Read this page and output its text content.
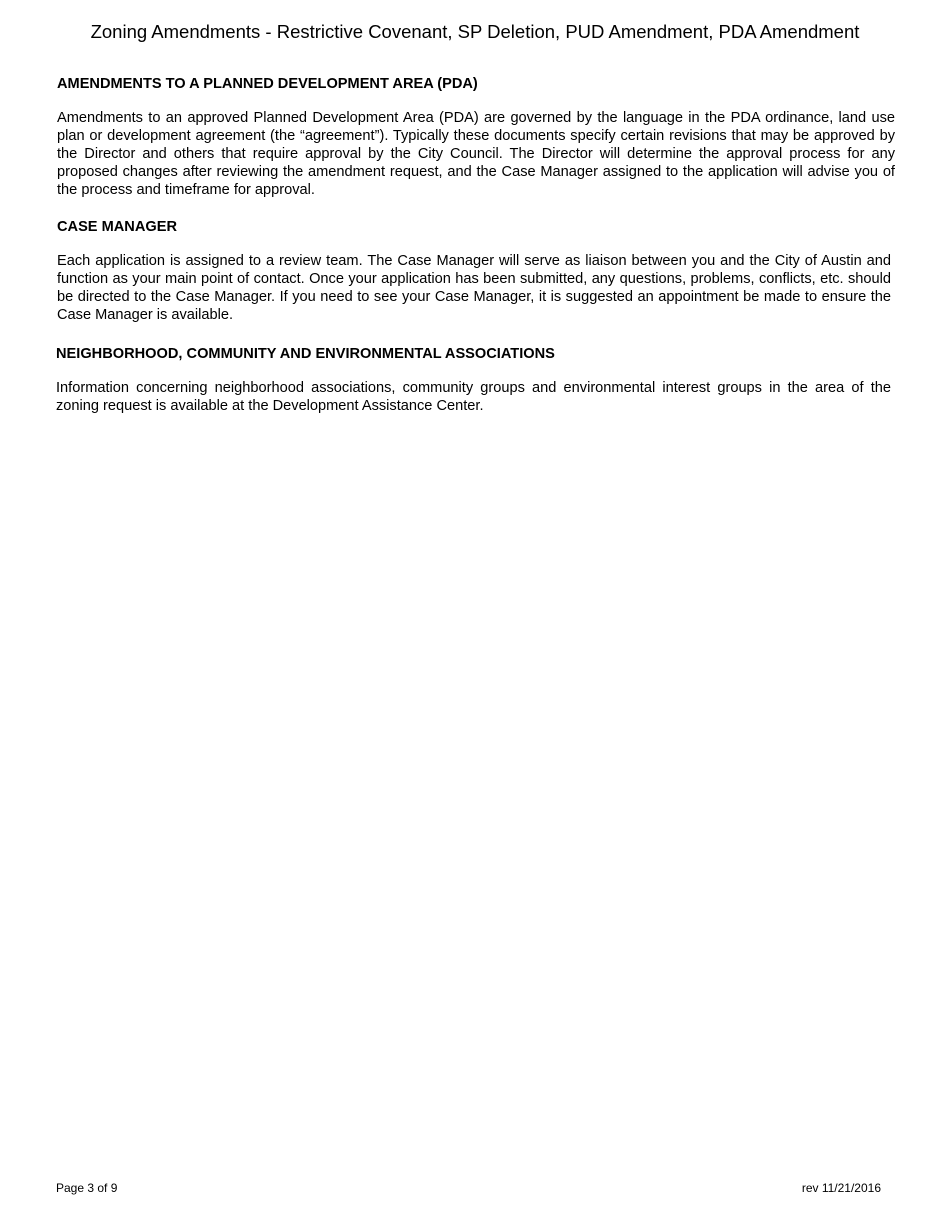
Zoning Amendments - Restrictive Covenant, SP Deletion, PUD Amendment, PDA Amendment
AMENDMENTS TO A PLANNED DEVELOPMENT AREA (PDA)

Amendments to an approved Planned Development Area (PDA) are governed by the language in the PDA ordinance, land use plan or development agreement (the “agreement”). Typically these documents specify certain revisions that may be approved by the Director and others that require approval by the City Council. The Director will determine the approval process for any proposed changes after reviewing the amendment request, and the Case Manager assigned to the application will advise you of the process and timeframe for approval.

CASE MANAGER

Each application is assigned to a review team. The Case Manager will serve as liaison between you and the City of Austin and function as your main point of contact. Once your application has been submitted, any questions, problems, conflicts, etc. should be directed to the Case Manager. If you need to see your Case Manager, it is suggested an appointment be made to ensure the Case Manager is available.

NEIGHBORHOOD, COMMUNITY AND ENVIRONMENTAL ASSOCIATIONS

Information concerning neighborhood associations, community groups and environmental interest groups in the area of the zoning request is available at the Development Assistance Center.

Page 3 of 9	rev 11/21/2016
